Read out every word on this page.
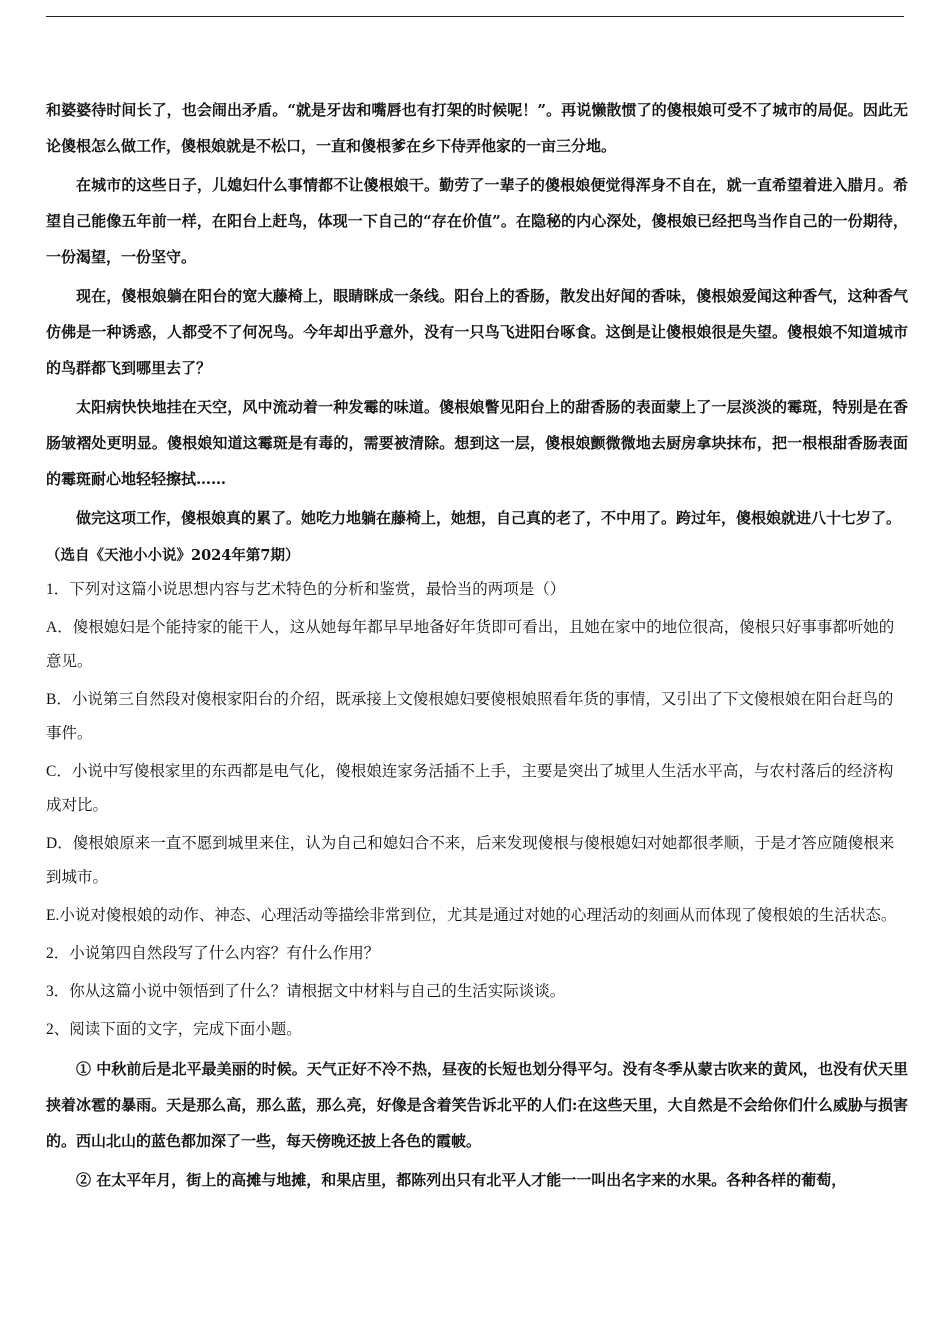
和婆婆待时间长了，也会闹出矛盾。“就是牙齿和嘴唇也有打架的时候呢！”。再说懒散惯了的傻根娘可受不了城市的局促。因此无论傻根怎么做工作，傻根娘就是不松口，一直和傻根爹在乡下侍弄他家的一亩三分地。

在城市的这些日子，儿媳妇什么事情都不让傻根娘干。勤劳了一辈子的傻根娘便觉得浑身不自在，就一直希望着进入腊月。希望自己能像五年前一样，在阳台上赶鸟，体现一下自己的“存在价值”。在隐秘的内心深处，傻根娘已经把鸟当作自己的一份期待，一份渴望，一份坚守。

现在，傻根娘躺在阳台的宽大藤椅上，眼睛眯成一条线。阳台上的香肠，散发出好闻的香味，傻根娘爱闻这种香气，这种香气仿佛是一种诱惑，人都受不了何况鸟。今年却出乎意外，没有一只鸟飞进阳台啄食。这倒是让傻根娘很是失望。傻根娘不知道城市的鸟群都飞到哪里去了？

太阳病快快地挂在天空，风中流动着一种发霉的味道。傻根娘瞥见阳台上的甜香肠的表面蒙上了一层淡淡的霉斑，特别是在香肠皱褶处更明显。傻根娘知道这霉斑是有毒的，需要被清除。想到这一层，傻根娘颤微微地去厨房拿块抹布，把一根根甜香肠表面的霉斑耐心地轻轻擦拭……

做完这项工作，傻根娘真的累了。她吃力地躺在藤椅上，她想，自己真的老了，不中用了。跨过年，傻根娘就进八十七岁了。

（选自《天池小小说》2024年第7期）

1．下列对这篇小说思想内容与艺术特色的分析和鉴赏，最恰当的两项是（）

A．傻根媳妇是个能持家的能干人，这从她每年都早早地备好年货即可看出，且她在家中的地位很高，傻根只好事事都听她的意见。

B．小说第三自然段对傻根家阳台的介绍，既承接上文傻根媳妇要傻根娘照看年货的事情，又引出了下文傻根娘在阳台赶鸟的事件。

C．小说中写傻根家里的东西都是电气化，傻根娘连家务活插不上手，主要是突出了城里人生活水平高，与农村落后的经济构成对比。

D．傻根娘原来一直不愿到城里来住，认为自己和媳妇合不来，后来发现傻根与傻根媳妇对她都很孝顺，于是才答应随傻根来到城市。

E.小说对傻根娘的动作、神态、心理活动等描绘非常到位，尤其是通过对她的心理活动的刻画从而体现了傻根娘的生活状态。

2．小说第四自然段写了什么内容？有什么作用？

3．你从这篇小说中领悟到了什么？请根据文中材料与自己的生活实际谈谈。

2、阅读下面的文字，完成下面小题。

① 中秋前后是北平最美丽的时候。天气正好不冷不热，昼夜的长短也划分得平匀。没有冬季从蒙古吹来的黄风，也没有伏天里挟着冰雹的暴雨。天是那么高，那么蓝，那么亮，好像是含着笑告诉北平的人们:在这些天里，大自然是不会给你们什么威胁与损害的。西山北山的蓝色都加深了一些，每天傍晚还披上各色的霞帔。

② 在太平年月，街上的高摊与地摊，和果店里，都陈列出只有北平人才能一一叫出名字来的水果。各种各样的葡萄，
